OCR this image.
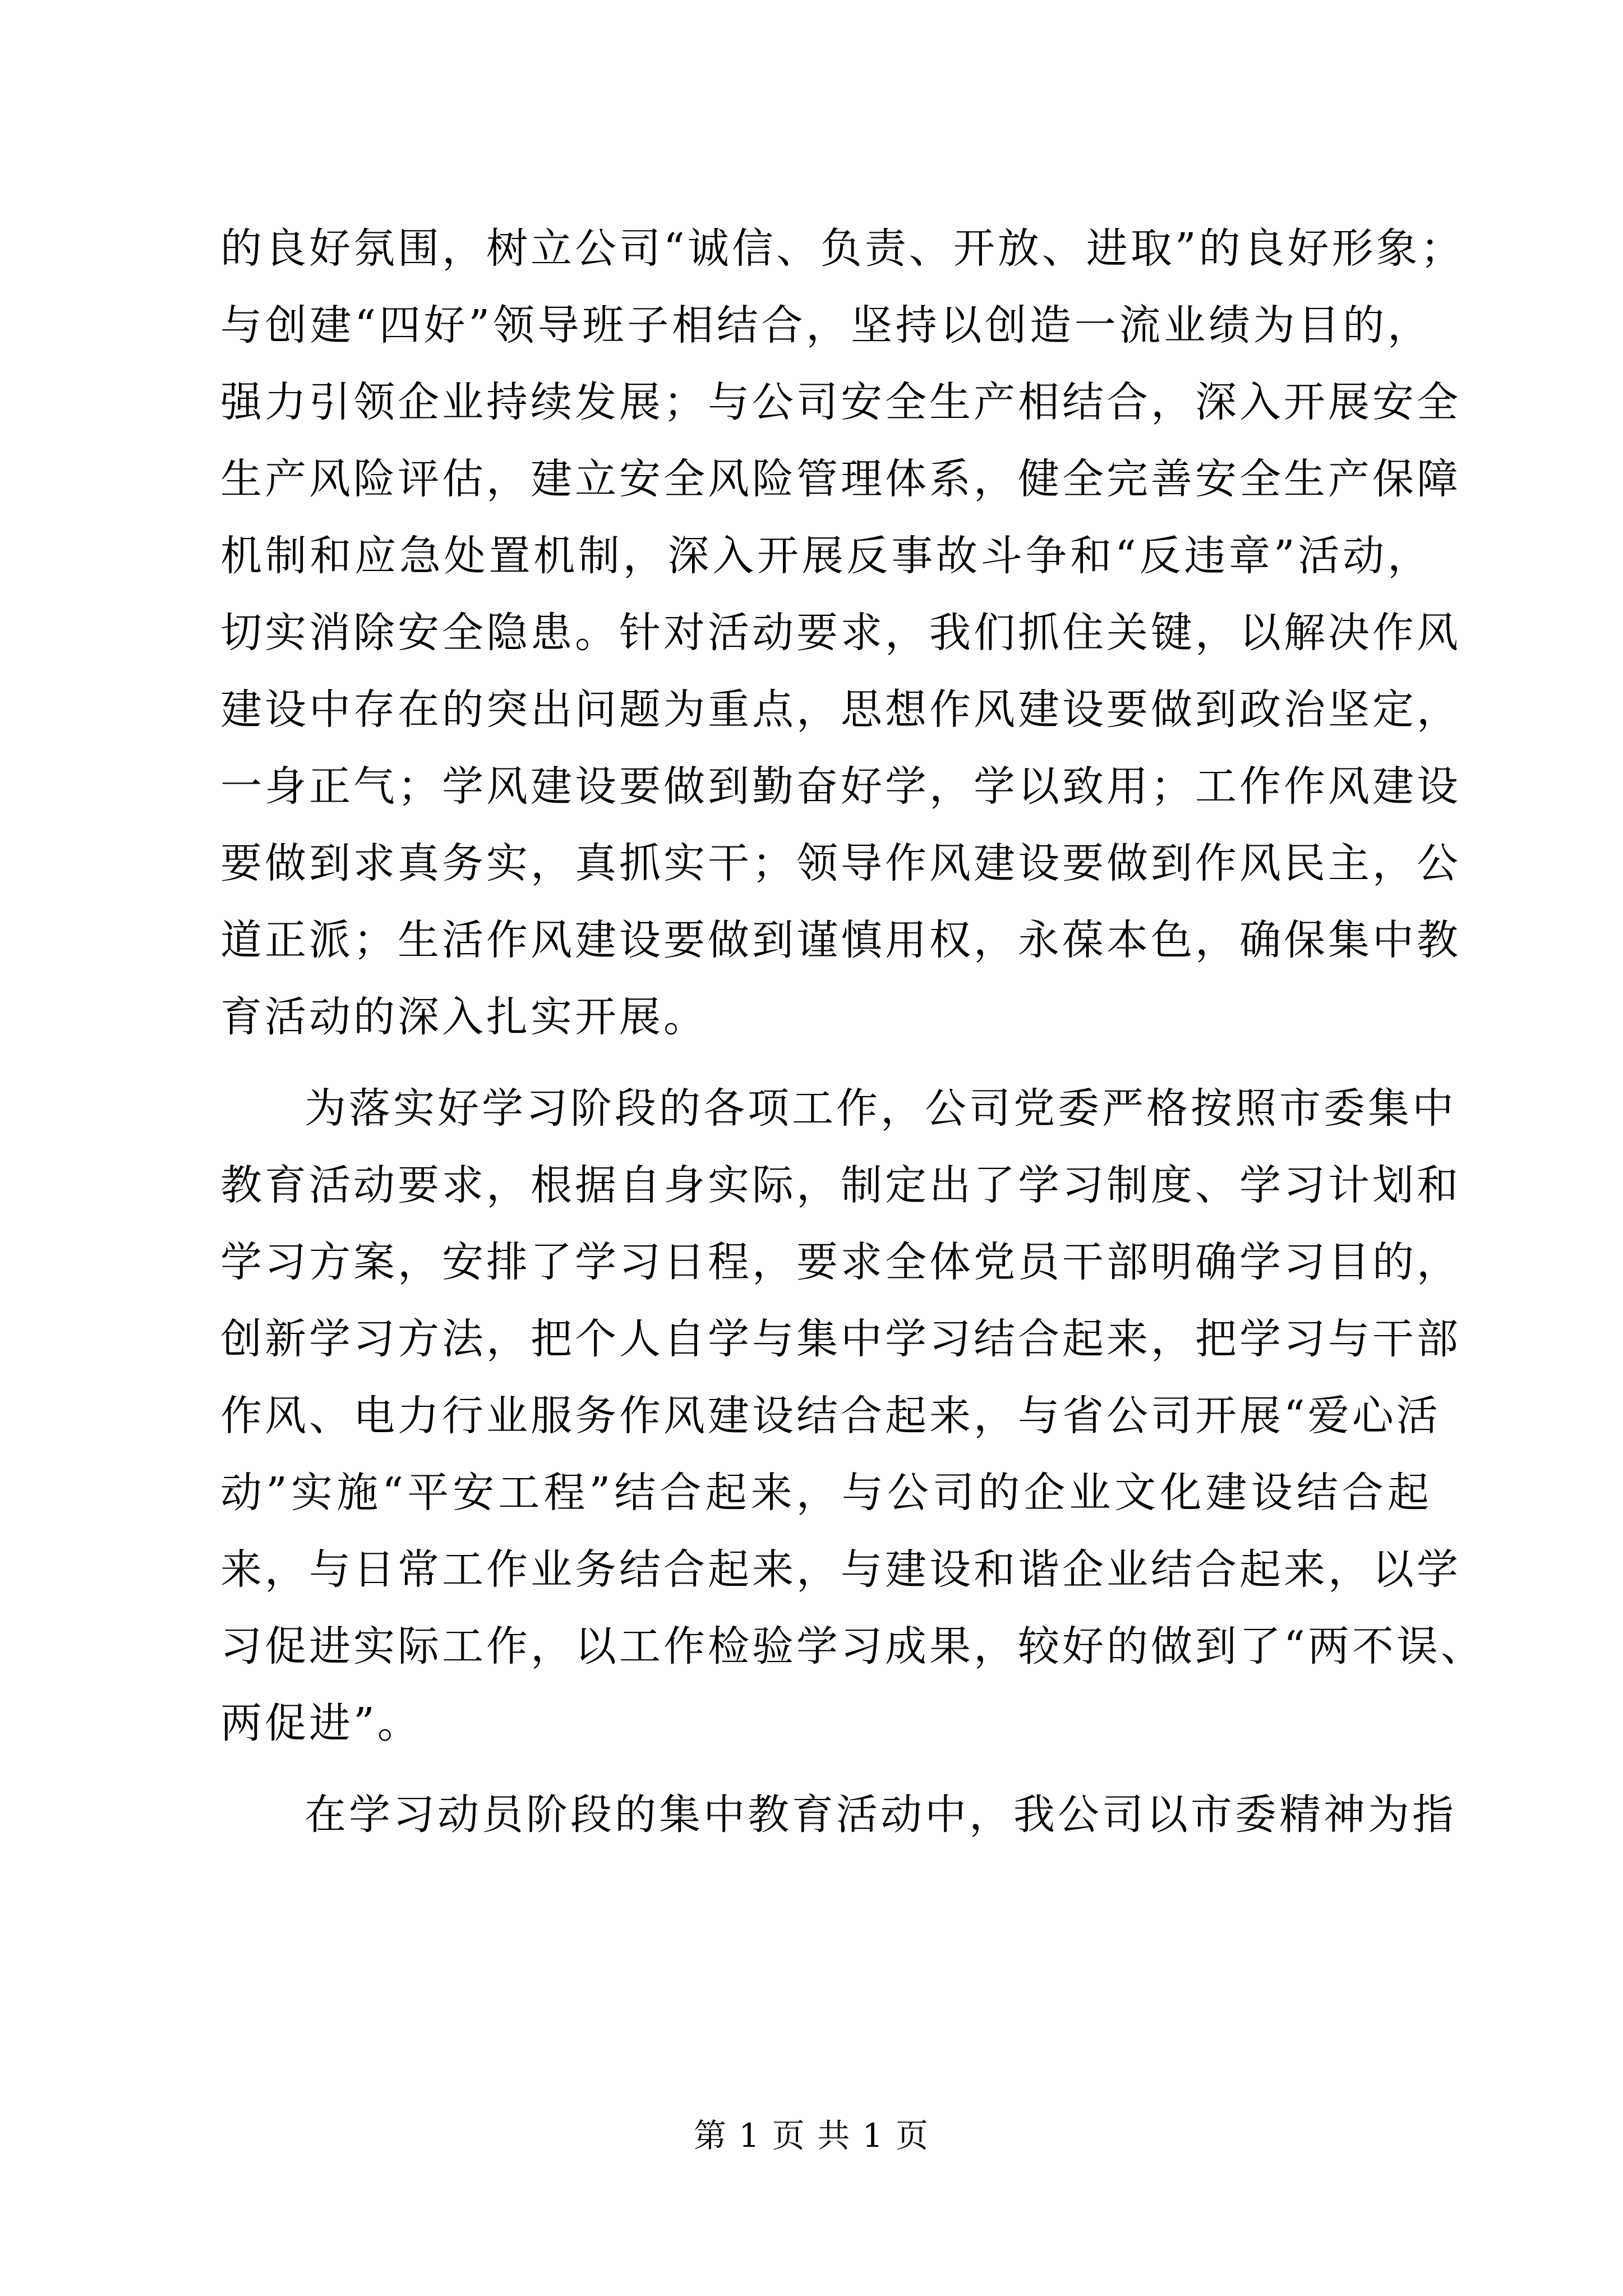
的良好氛围，树立公司“诚信、负责、开放、进取”的良好形象；
与创建“四好”领导班子相结合，坚持以创造一流业绩为目的，
强力引领企业持续发展；与公司安全生产相结合，深入开展安全
生产风险评估，建立安全风险管理体系，健全完善安全生产保障
机制和应急处置机制，深入开展反事故斗争和“反违章”活动，
切实消除安全隐患。针对活动要求，我们抓住关键，以解决作风
建设中存在的突出问题为重点，思想作风建设要做到政治坚定，
一身正气；学风建设要做到勤奋好学，学以致用；工作作风建设
要做到求真务实，真抓实干；领导作风建设要做到作风民主，公
道正派；生活作风建设要做到谨慎用权，永葆本色，确保集中教
育活动的深入扎实开展。
为落实好学习阶段的各项工作，公司党委严格按照市委集中
教育活动要求，根据自身实际，制定出了学习制度、学习计划和
学习方案，安排了学习日程，要求全体党员干部明确学习目的，
创新学习方法，把个人自学与集中学习结合起来，把学习与干部
作风、电力行业服务作风建设结合起来，与省公司开展“爱心活
动”实施“平安工程”结合起来，与公司的企业文化建设结合起
来，与日常工作业务结合起来，与建设和谐企业结合起来，以学
习促进实际工作，以工作检验学习成果，较好的做到了“两不误、
两促进”。
在学习动员阶段的集中教育活动中，我公司以市委精神为指
第 1 页 共 1 页
